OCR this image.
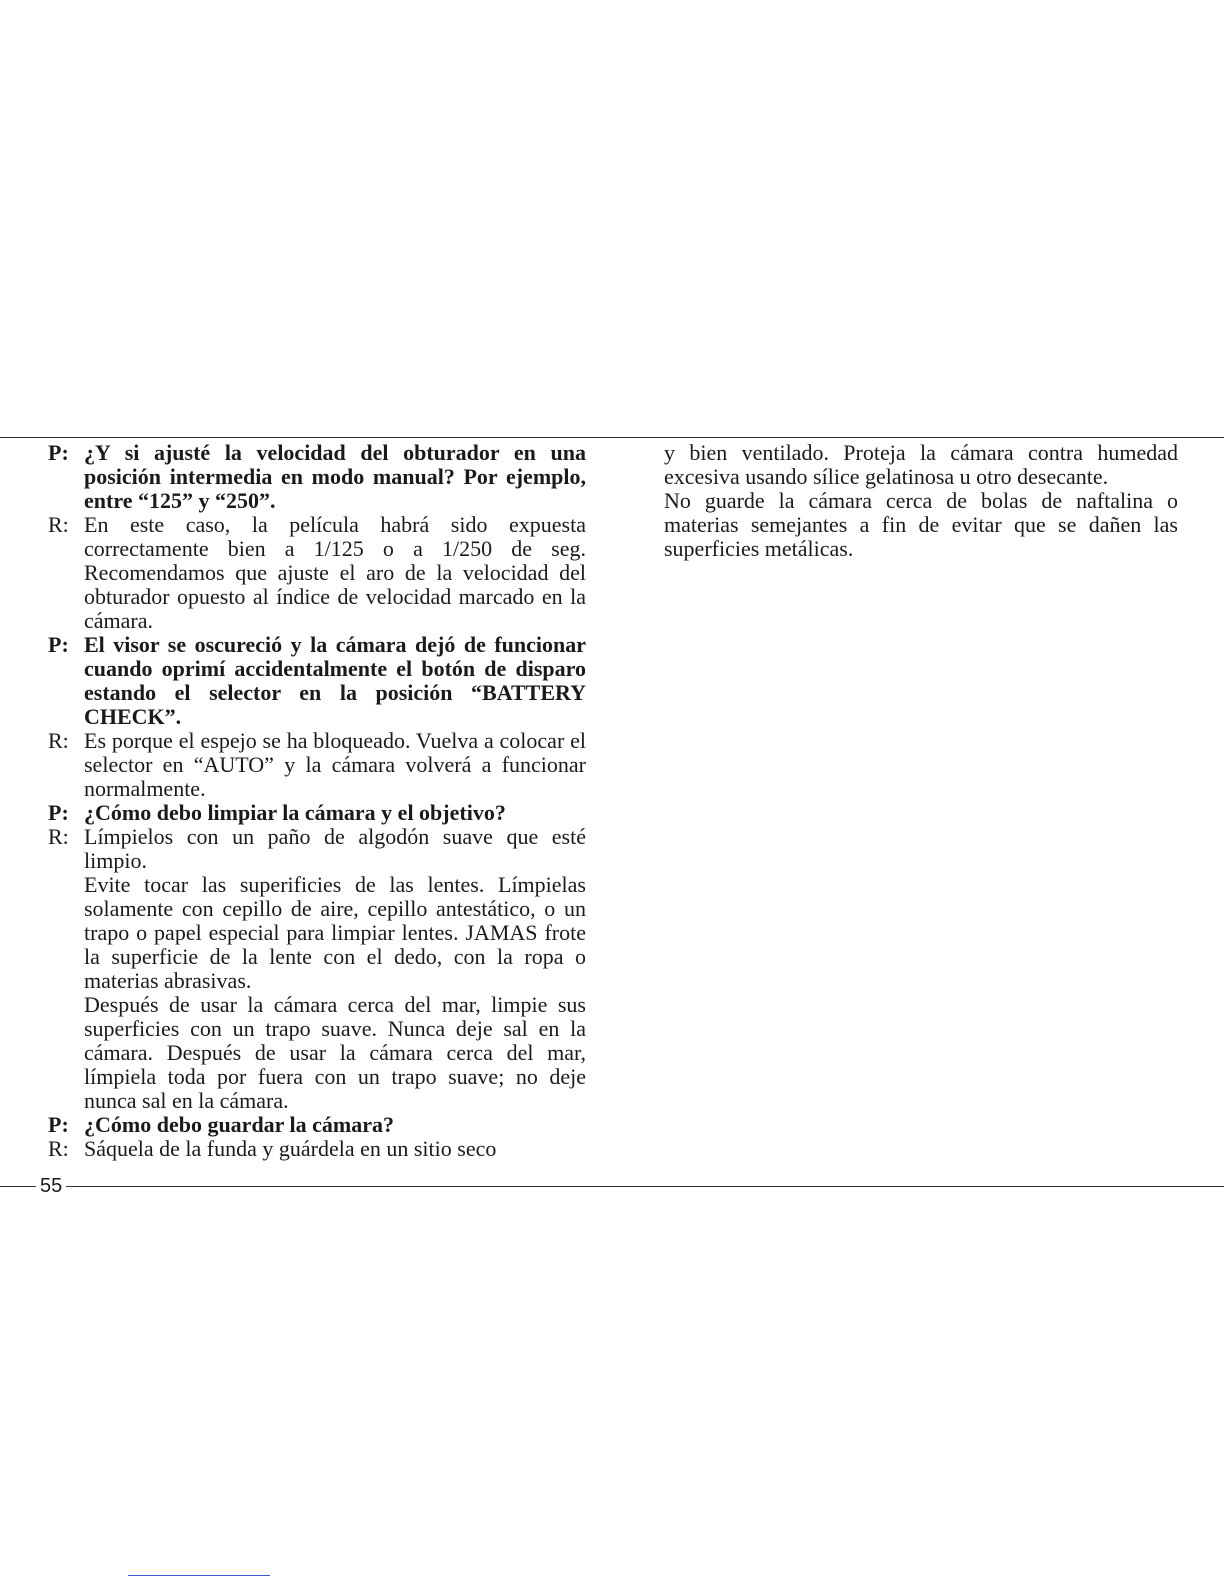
P: ¿Y si ajusté la velocidad del obturador en una posición intermedia en modo manual? Por ejemplo, entre “125” y “250”.
R: En este caso, la película habrá sido expuesta correctamente bien a 1/125 o a 1/250 de seg. Recomendamos que ajuste el aro de la velocidad del obturador opuesto al índice de velocidad marcado en la cámara.
P: El visor se oscureció y la cámara dejó de funcionar cuando oprimí accidentalmente el botón de disparo estando el selector en la posición “BATTERY CHECK”.
R: Es porque el espejo se ha bloqueado. Vuelva a colocar el selector en “AUTO” y la cámara volverá a funcionar normalmente.
P: ¿Cómo debo limpiar la cámara y el objetivo?
R: Límpielos con un paño de algodón suave que esté limpio.
Evite tocar las superificies de las lentes. Límpielas solamente con cepillo de aire, cepillo antestático, o un trapo o papel especial para limpiar lentes. JAMAS frote la superficie de la lente con el dedo, con la ropa o materias abrasivas.
Después de usar la cámara cerca del mar, limpie sus superficies con un trapo suave. Nunca deje sal en la cámara. Después de usar la cámara cerca del mar, límpiela toda por fuera con un trapo suave; no deje nunca sal en la cámara.
P: ¿Cómo debo guardar la cámara?
R: Sáquela de la funda y guárdela en un sitio seco
y bien ventilado. Proteja la cámara contra humedad excesiva usando sílice gelatinosa u otro desecante.
No guarde la cámara cerca de bolas de naftalina o materias semejantes a fin de evitar que se dañen las superficies metálicas.
55
